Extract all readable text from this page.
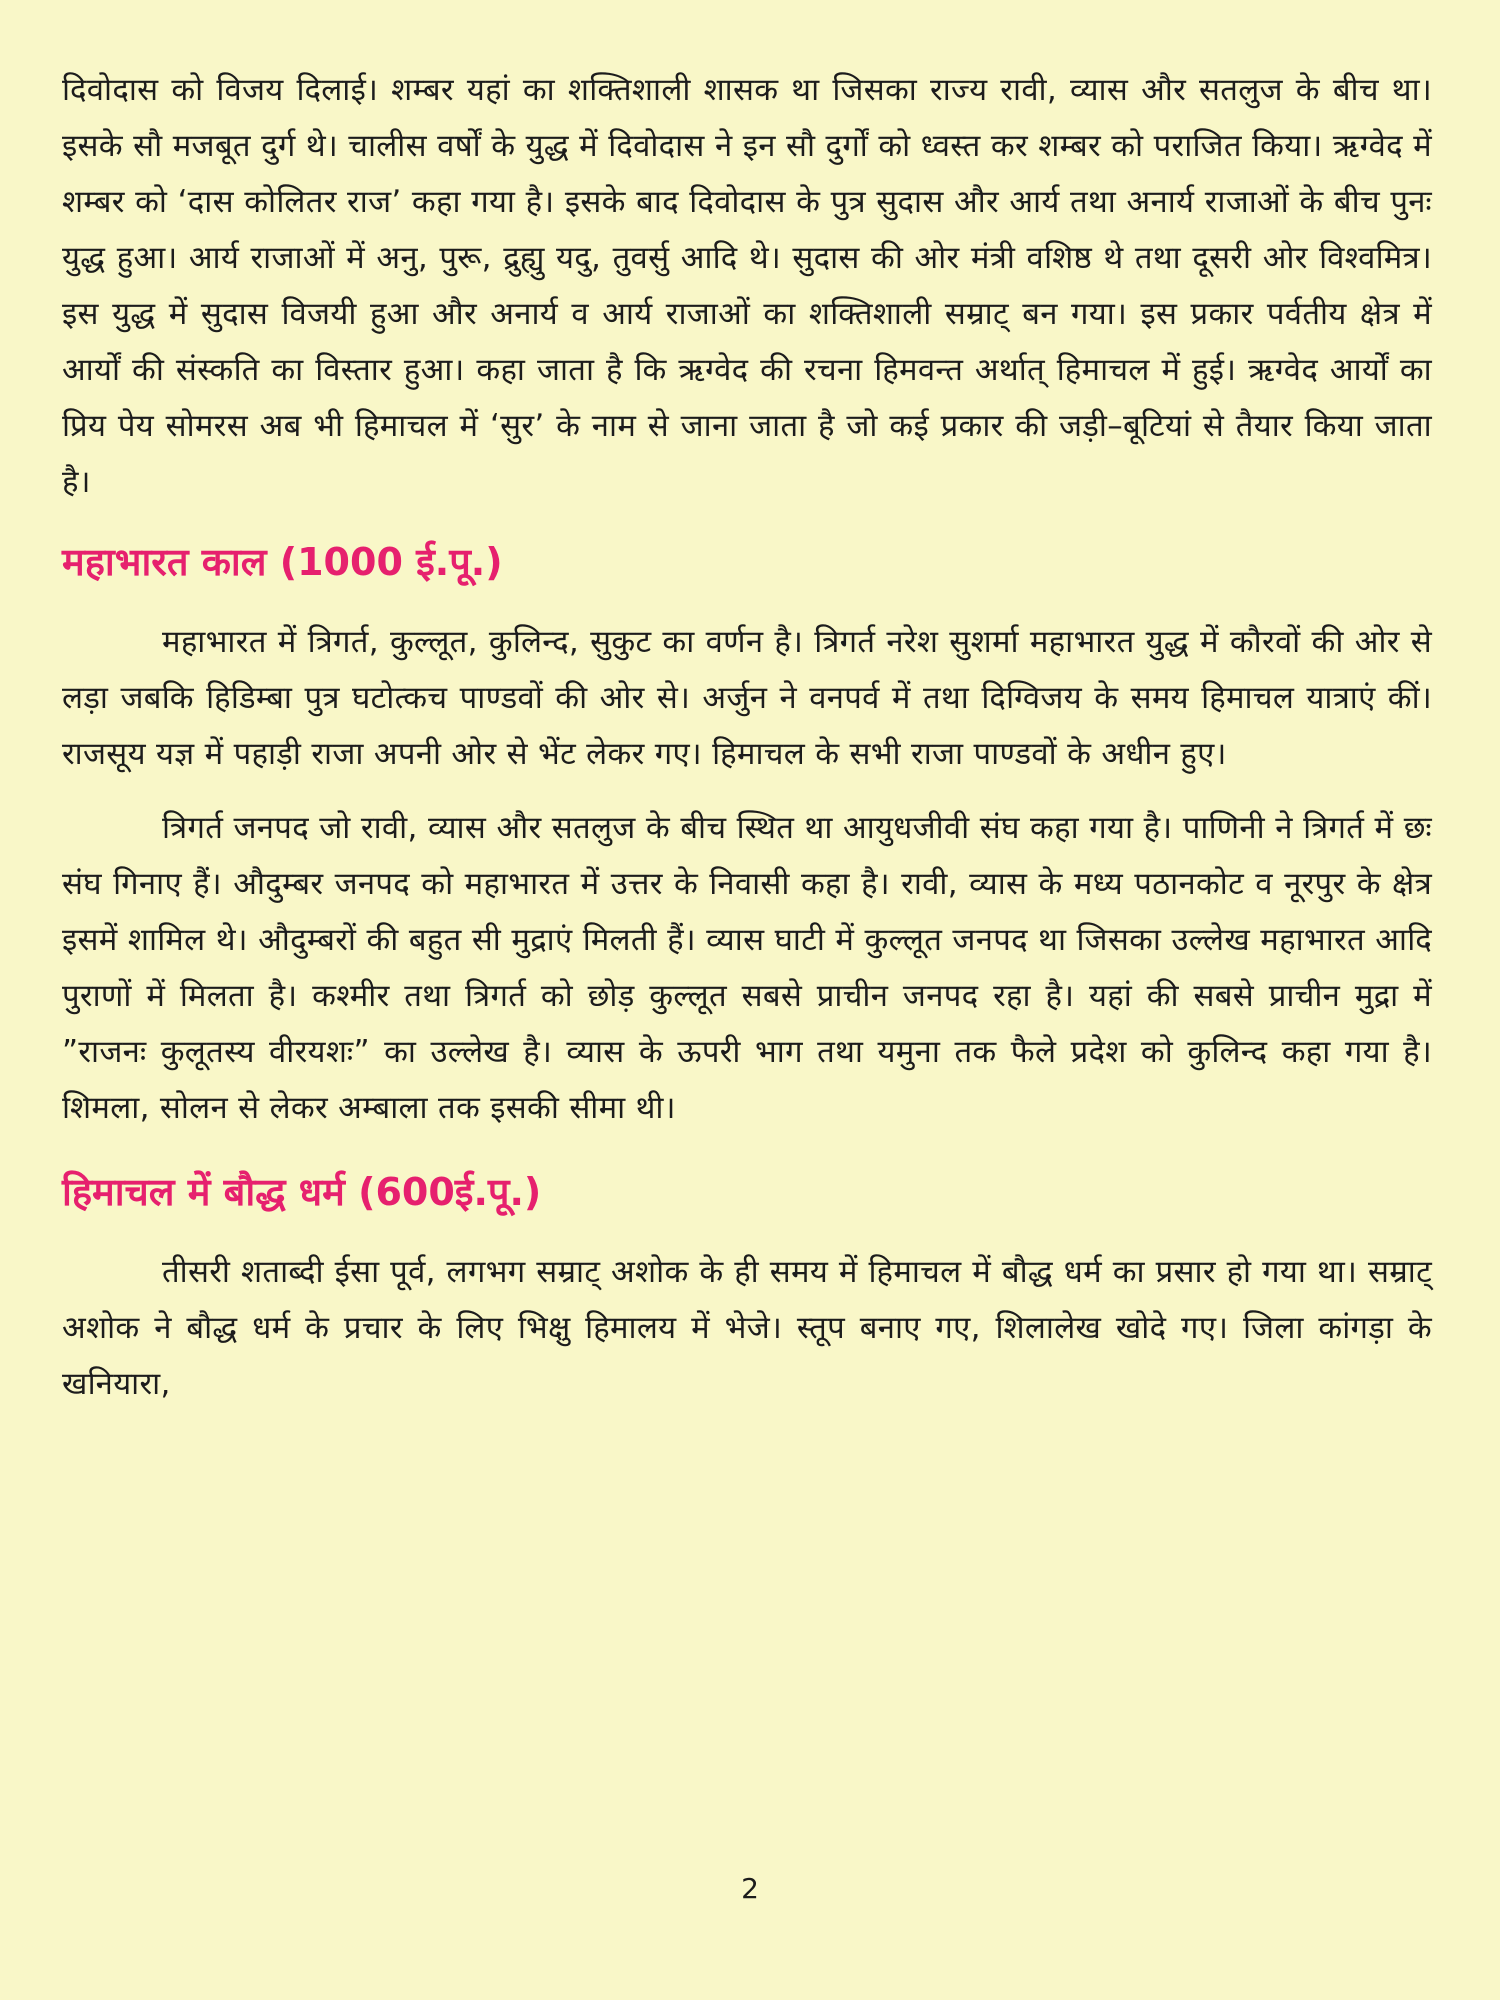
दिवोदास को विजय दिलाई। शम्बर यहां का शक्तिशाली शासक था जिसका राज्य रावी, व्यास और सतलुज के बीच था। इसके सौ मजबूत दुर्ग थे। चालीस वर्षों के युद्ध में दिवोदास ने इन सौ दुर्गों को ध्वस्त कर शम्बर को पराजित किया। ऋग्वेद में शम्बर को ‘दास कोलितर राज’ कहा गया है। इसके बाद दिवोदास के पुत्र सुदास और आर्य तथा अनार्य राजाओं के बीच पुनः युद्ध हुआ। आर्य राजाओं में अनु, पुरू, द्रुह्यु यदु, तुवर्सु आदि थे। सुदास की ओर मंत्री वशिष्ठ थे तथा दूसरी ओर विश्वमित्र। इस युद्ध में सुदास विजयी हुआ और अनार्य व आर्य राजाओं का शक्तिशाली सम्राट् बन गया। इस प्रकार पर्वतीय क्षेत्र में आर्यों की संस्कति का विस्तार हुआ। कहा जाता है कि ऋग्वेद की रचना हिमवन्त अर्थात् हिमाचल में हुई। ऋग्वेद आर्यों का प्रिय पेय सोमरस अब भी हिमाचल में ‘सुर’ के नाम से जाना जाता है जो कई प्रकार की जड़ी–बूटियां से तैयार किया जाता है।

महाभारत काल (1000 ई.पू.)

महाभारत में त्रिगर्त, कुल्लूत, कुलिन्द, सुकुट का वर्णन है। त्रिगर्त नरेश सुशर्मा महाभारत युद्ध में कौरवों की ओर से लड़ा जबकि हिडिम्बा पुत्र घटोत्कच पाण्डवों की ओर से। अर्जुन ने वनपर्व में तथा दिग्विजय के समय हिमाचल यात्राएं कीं। राजसूय यज्ञ में पहाड़ी राजा अपनी ओर से भेंट लेकर गए। हिमाचल के सभी राजा पाण्डवों के अधीन हुए।

त्रिगर्त जनपद जो रावी, व्यास और सतलुज के बीच स्थित था आयुधजीवी संघ कहा गया है। पाणिनी ने त्रिगर्त में छः संघ गिनाए हैं। औदुम्बर जनपद को महाभारत में उत्तर के निवासी कहा है। रावी, व्यास के मध्य पठानकोट व नूरपुर के क्षेत्र इसमें शामिल थे। औदुम्बरों की बहुत सी मुद्राएं मिलती हैं। व्यास घाटी में कुल्लूत जनपद था जिसका उल्लेख महाभारत आदि पुराणों में मिलता है। कश्मीर तथा त्रिगर्त को छोड़ कुल्लूत सबसे प्राचीन जनपद रहा है। यहां की सबसे प्राचीन मुद्रा में ”राजनः कुलूतस्य वीरयशः” का उल्लेख है। व्यास के ऊपरी भाग तथा यमुना तक फैले प्रदेश को कुलिन्द कहा गया है। शिमला, सोलन से लेकर अम्बाला तक इसकी सीमा थी।

हिमाचल में बौद्ध धर्म (600ई.पू.)

तीसरी शताब्दी ईसा पूर्व, लगभग सम्राट् अशोक के ही समय में हिमाचल में बौद्ध धर्म का प्रसार हो गया था। सम्राट् अशोक ने बौद्ध धर्म के प्रचार के लिए भिक्षु हिमालय में भेजे। स्तूप बनाए गए, शिलालेख खोदे गए। जिला कांगड़ा के खनियारा,

2
